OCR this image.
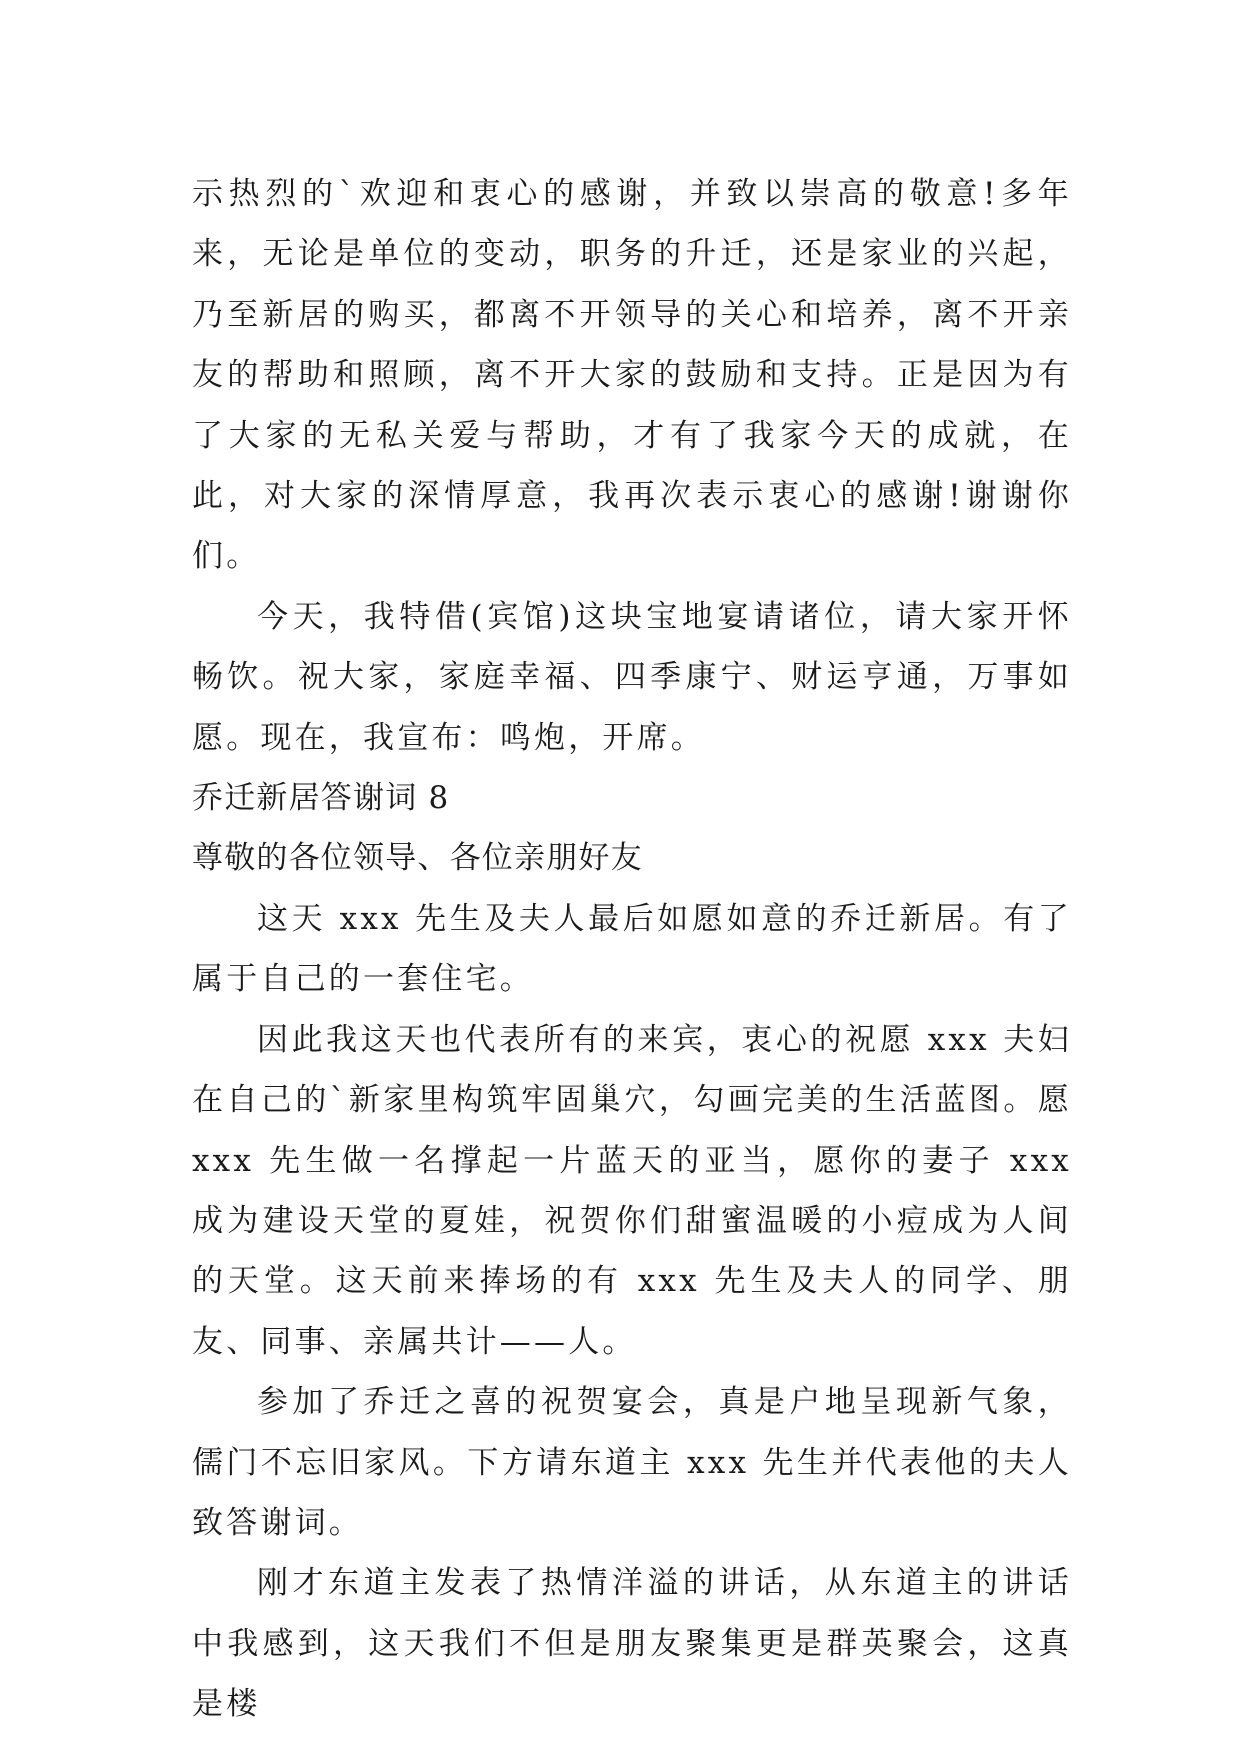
示热烈的`欢迎和衷心的感谢，并致以崇高的敬意!多年来，无论是单位的变动，职务的升迁，还是家业的兴起，乃至新居的购买，都离不开领导的关心和培养，离不开亲友的帮助和照顾，离不开大家的鼓励和支持。正是因为有了大家的无私关爱与帮助，才有了我家今天的成就，在此，对大家的深情厚意，我再次表示衷心的感谢!谢谢你们。

今天，我特借(宾馆)这块宝地宴请诸位，请大家开怀畅饮。祝大家，家庭幸福、四季康宁、财运亨通，万事如愿。现在，我宣布：鸣炮，开席。

乔迁新居答谢词 8

尊敬的各位领导、各位亲朋好友

这天 xxx 先生及夫人最后如愿如意的乔迁新居。有了属于自己的一套住宅。

因此我这天也代表所有的来宾，衷心的祝愿 xxx 夫妇在自己的`新家里构筑牢固巢穴，勾画完美的生活蓝图。愿 xxx 先生做一名撑起一片蓝天的亚当，愿你的妻子 xxx 成为建设天堂的夏娃，祝贺你们甜蜜温暖的小痘成为人间的天堂。这天前来捧场的有 xxx 先生及夫人的同学、朋友、同事、亲属共计——人。

参加了乔迁之喜的祝贺宴会，真是户地呈现新气象，儒门不忘旧家风。下方请东道主 xxx 先生并代表他的夫人致答谢词。

刚才东道主发表了热情洋溢的讲话，从东道主的讲话中我感到，这天我们不但是朋友聚集更是群英聚会，这真是楼
